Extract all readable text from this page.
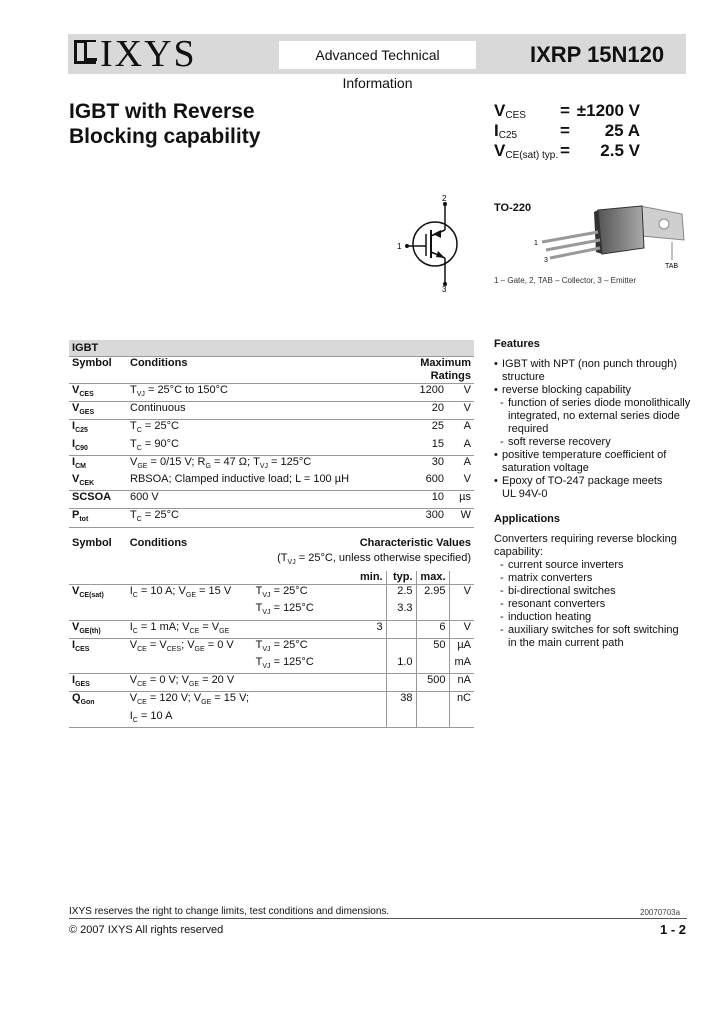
IXYS	Advanced Technical Information
IXRP 15N120
IGBT with Reverse
Blocking capability
$V_{CES} = \pm 1200$ V
$I_{C25}$	=	25 A
$V_{CE(sat) typ.}$ =	2.5 V
2
1
3
TO-220
1
3
TAB
1 – Gate, 2, TAB – Collector, 3 – Emitter
IGBT			
Symbol	Conditions	Maximum Ratings	
$V_{CES}$	$T_{VJ} = 25^\circ C$ to 150°C	1200	V
$V_{GES}$	Continuous	20	V
$I_{C25}$	$T_C = 25^\circ C$	25	A
$I_{C90}$	$T_C = 90^\circ C$	15	A
$I_{CM}$	$V_{GE} = 0/15$ V; $R_G = 47$ Ω; $T_{VJ} = 125^\circ C$	30	A
$V_{CEK}$	RBSOA; Clamped inductive load; L = 100 µH	600	V
SCSOA	600 V	10	µs
$P_{tot}$	$T_C = 25^\circ C$	300	W

Symbol	Conditions		Characteristic Values			
($T_{VJ} = 25^\circ C$, unless otherwise specified)						
			min.	typ.	max.	
$V_{CE(sat)}$	$I_C = 10$ A; $V_{GE} = 15$ V	$T_{VJ} = 25^\circ C$		2.5	2.95	V
		$T_{VJ} = 125^\circ C$		3.3		
$V_{GE(th)}$	$I_C = 1$ mA; $V_{CE} = V_{GE}$		3		6	V
$I_{CES}$	$V_{CE} = V_{CES}$; $V_{GE} = 0$ V	$T_{VJ} = 25^\circ C$			50	µA
		$T_{VJ} = 125^\circ C$		1.0		mA
$I_{GES}$	$V_{CE} = 0$ V; $V_{GE} = 20$ V				500	nA
$Q_{Gon}$	$V_{CE} = 120$ V; $V_{GE} = 15$ V; $I_C = 10$ A			38		nC

Features
• IGBT with NPT (non punch through)
structure
• reverse blocking capability
- function of series diode monolithically
integrated, no external series diode
required
- soft reverse recovery
• positive temperature coefficient of
saturation voltage
• Epoxy of TO-247 package meets
UL 94V-0
Applications
Converters requiring reverse blocking
capability:
- current source inverters
- matrix converters
- bi-directional switches
- resonant converters
- induction heating
- auxiliary switches for soft switching
in the main current path
IXYS reserves the right to change limits, test conditions and dimensions.	20070703a
© 2007 IXYS All rights reserved	1 - 2
